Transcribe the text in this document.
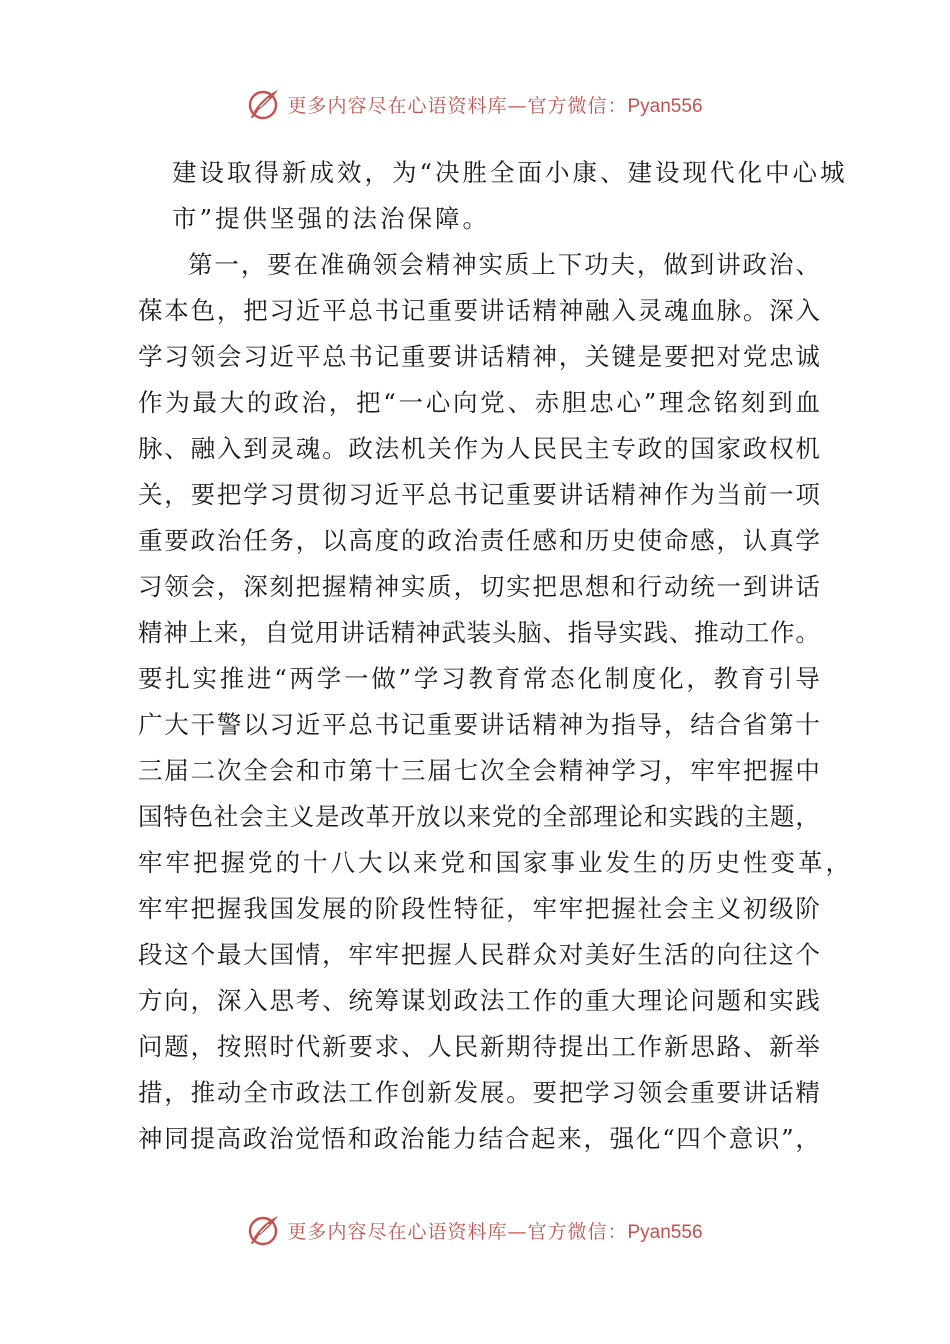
更多内容尽在心语资料库—官方微信：Pyan556
建设取得新成效，为“决胜全面小康、建设现代化中心城
市”提供坚强的法治保障。
第 一 ， 要 在 准 确 领 会 精 神 实 质 上 下 功 夫 ， 做 到 讲 政 治 、
葆 本 色 ， 把 习 近 平 总 书 记 重 要 讲 话 精 神 融 入 灵 魂 血 脉 。 深 入
学 习 领 会 习 近 平 总 书 记 重 要 讲 话 精 神 ， 关 键 是 要 把 对 党 忠 诚
作 为 最 大 的 政 治 ， 把 “ 一 心 向 党 、 赤 胆 忠 心 ” 理 念 铭 刻 到 血
脉 、 融 入 到 灵 魂 。 政 法 机 关 作 为 人 民 民 主 专 政 的 国 家 政 权 机
关 ， 要 把 学 习 贯 彻 习 近 平 总 书 记 重 要 讲 话 精 神 作 为 当 前 一 项
重 要 政 治 任 务 ， 以 高 度 的 政 治 责 任 感 和 历 史 使 命 感 ， 认 真 学
习 领 会 ， 深 刻 把 握 精 神 实 质 ， 切 实 把 思 想 和 行 动 统 一 到 讲 话
精 神 上 来 ， 自 觉 用 讲 话 精 神 武 装 头 脑 、 指 导 实 践 、 推 动 工 作 。
要 扎 实 推 进 “ 两 学 一 做 ” 学 习 教 育 常 态 化 制 度 化 ， 教 育 引 导
广 大 干 警 以 习 近 平 总 书 记 重 要 讲 话 精 神 为 指 导 ， 结 合 省 第 十
三 届 二 次 全 会 和 市 第 十 三 届 七 次 全 会 精 神 学 习 ， 牢 牢 把 握 中
国 特 色 社 会 主 义 是 改 革 开 放 以 来 党 的 全 部 理 论 和 实 践 的 主 题 ，
牢牢把握党的十八大以来党和国家事业发生的历史性变革，
牢 牢 把 握 我 国 发 展 的 阶 段 性 特 征 ， 牢 牢 把 握 社 会 主 义 初 级 阶
段 这 个 最 大 国 情 ， 牢 牢 把 握 人 民 群 众 对 美 好 生 活 的 向 往 这 个
方 向 ， 深 入 思 考 、 统 筹 谋 划 政 法 工 作 的 重 大 理 论 问 题 和 实 践
问 题 ， 按 照 时 代 新 要 求 、 人 民 新 期 待 提 出 工 作 新 思 路 、 新 举
措 ， 推 动 全 市 政 法 工 作 创 新 发 展 。 要 把 学 习 领 会 重 要 讲 话 精
神 同 提 高 政 治 觉 悟 和 政 治 能 力 结 合 起 来 ， 强 化 “ 四 个 意 识 ” ，
更多内容尽在心语资料库—官方微信：Pyan556
